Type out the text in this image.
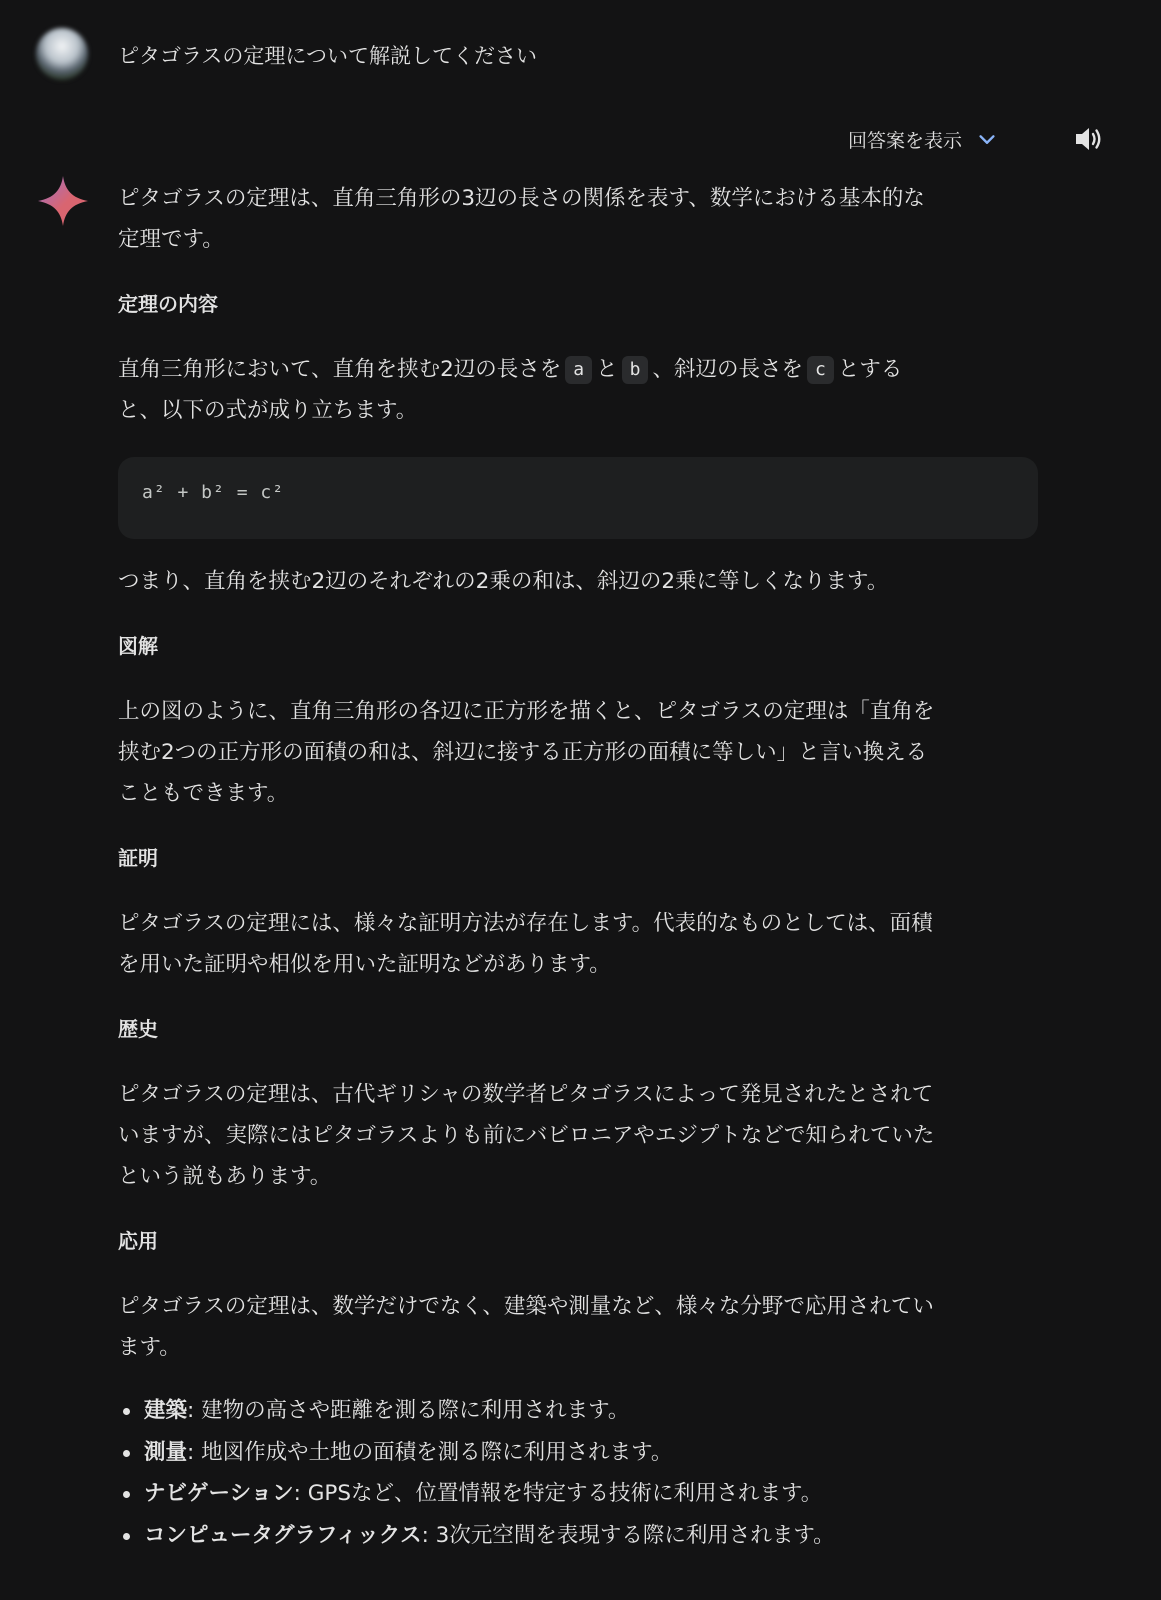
ピタゴラスの定理について解説してください
回答案を表示
ピタゴラスの定理は、直角三角形の3辺の長さの関係を表す、数学における基本的な
定理です。
定理の内容
直角三角形において、直角を挟む2辺の長さを a と b 、斜辺の長さを c とする
と、以下の式が成り立ちます。
a² + b² = c²
つまり、直角を挟む2辺のそれぞれの2乗の和は、斜辺の2乗に等しくなります。
図解
上の図のように、直角三角形の各辺に正方形を描くと、ピタゴラスの定理は「直角を
挟む2つの正方形の面積の和は、斜辺に接する正方形の面積に等しい」と言い換える
こともできます。
証明
ピタゴラスの定理には、様々な証明方法が存在します。代表的なものとしては、面積
を用いた証明や相似を用いた証明などがあります。
歴史
ピタゴラスの定理は、古代ギリシャの数学者ピタゴラスによって発見されたとされて
いますが、実際にはピタゴラスよりも前にバビロニアやエジプトなどで知られていた
という説もあります。
応用
ピタゴラスの定理は、数学だけでなく、建築や測量など、様々な分野で応用されてい
ます。
建築: 建物の高さや距離を測る際に利用されます。
測量: 地図作成や土地の面積を測る際に利用されます。
ナビゲーション: GPSなど、位置情報を特定する技術に利用されます。
コンピュータグラフィックス: 3次元空間を表現する際に利用されます。
